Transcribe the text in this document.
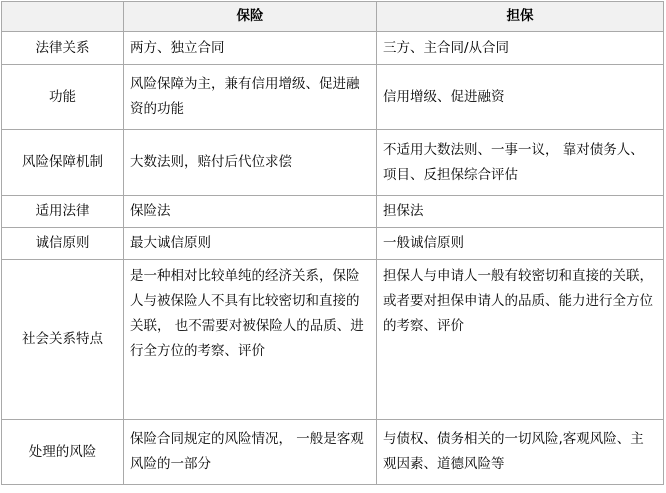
	保险	担保
法律关系	两方、独立合同	三方、主合同/从合同
功能	风险保障为主，兼有信用增级、促进融资的功能	信用增级、促进融资
风险保障机制	大数法则，赔付后代位求偿	不适用大数法则、一事一议， 靠对债务人、项目、反担保综合评估
适用法律	保险法	担保法
诚信原则	最大诚信原则	一般诚信原则
社会关系特点	是一种相对比较单纯的经济关系，保险人与被保险人不具有比较密切和直接的关联， 也不需要对被保险人的品质、进行全方位的考察、评价	担保人与申请人一般有较密切和直接的关联， 或者要对担保申请人的品质、能力进行全方位的考察、评价
处理的风险	保险合同规定的风险情况， 一般是客观风险的一部分	与债权、债务相关的一切风险,客观风险、主观因素、道德风险等
